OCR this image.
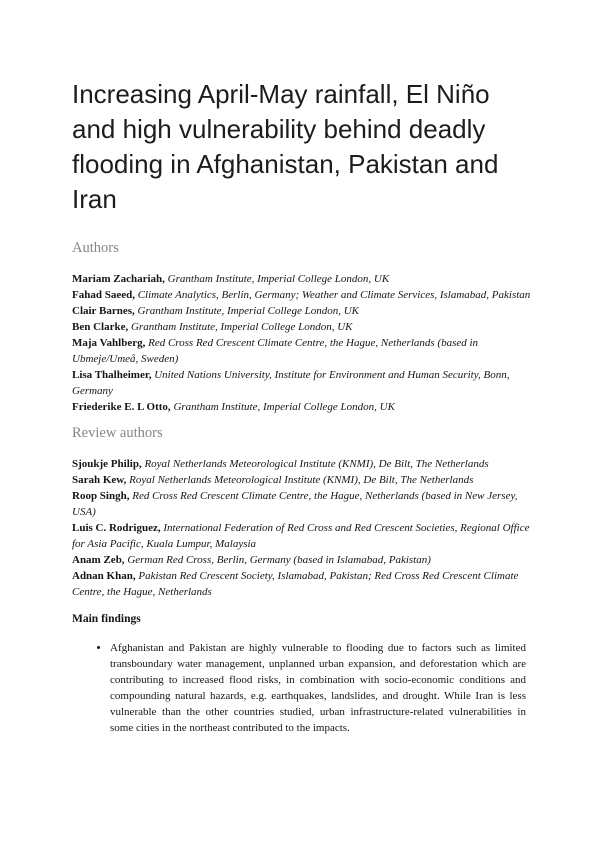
Increasing April-May rainfall, El Niño
and high vulnerability behind deadly
flooding in Afghanistan, Pakistan and
Iran
Authors

Mariam Zachariah, Grantham Institute, Imperial College London, UK

Fahad Saeed, Climate Analytics, Berlin, Germany; Weather and Climate Services, Islamabad, Pakistan

Clair Barnes, Grantham Institute, Imperial College London, UK

Ben Clarke, Grantham Institute, Imperial College London, UK

Maja Vahlberg, Red Cross Red Crescent Climate Centre, the Hague, Netherlands (based in Ubmeje/Umeå, Sweden)

Lisa Thalheimer, United Nations University, Institute for Environment and Human Security, Bonn, Germany

Friederike E. L Otto, Grantham Institute, Imperial College London, UK

Review authors

Sjoukje Philip, Royal Netherlands Meteorological Institute (KNMI), De Bilt, The Netherlands

Sarah Kew, Royal Netherlands Meteorological Institute (KNMI), De Bilt, The Netherlands

Roop Singh, Red Cross Red Crescent Climate Centre, the Hague, Netherlands (based in New Jersey, USA)

Luis C. Rodriguez, International Federation of Red Cross and Red Crescent Societies, Regional Office for Asia Pacific, Kuala Lumpur, Malaysia

Anam Zeb, German Red Cross, Berlin, Germany (based in Islamabad, Pakistan)

Adnan Khan, Pakistan Red Crescent Society, Islamabad, Pakistan; Red Cross Red Crescent Climate Centre, the Hague, Netherlands

Main findings
• Afghanistan and Pakistan are highly vulnerable to flooding due to factors such as limited transboundary water management, unplanned urban expansion, and deforestation which are contributing to increased flood risks, in combination with socio-economic conditions and compounding natural hazards, e.g. earthquakes, landslides, and drought. While Iran is less vulnerable than the other countries studied, urban infrastructure-related vulnerabilities in some cities in the northeast contributed to the impacts.
